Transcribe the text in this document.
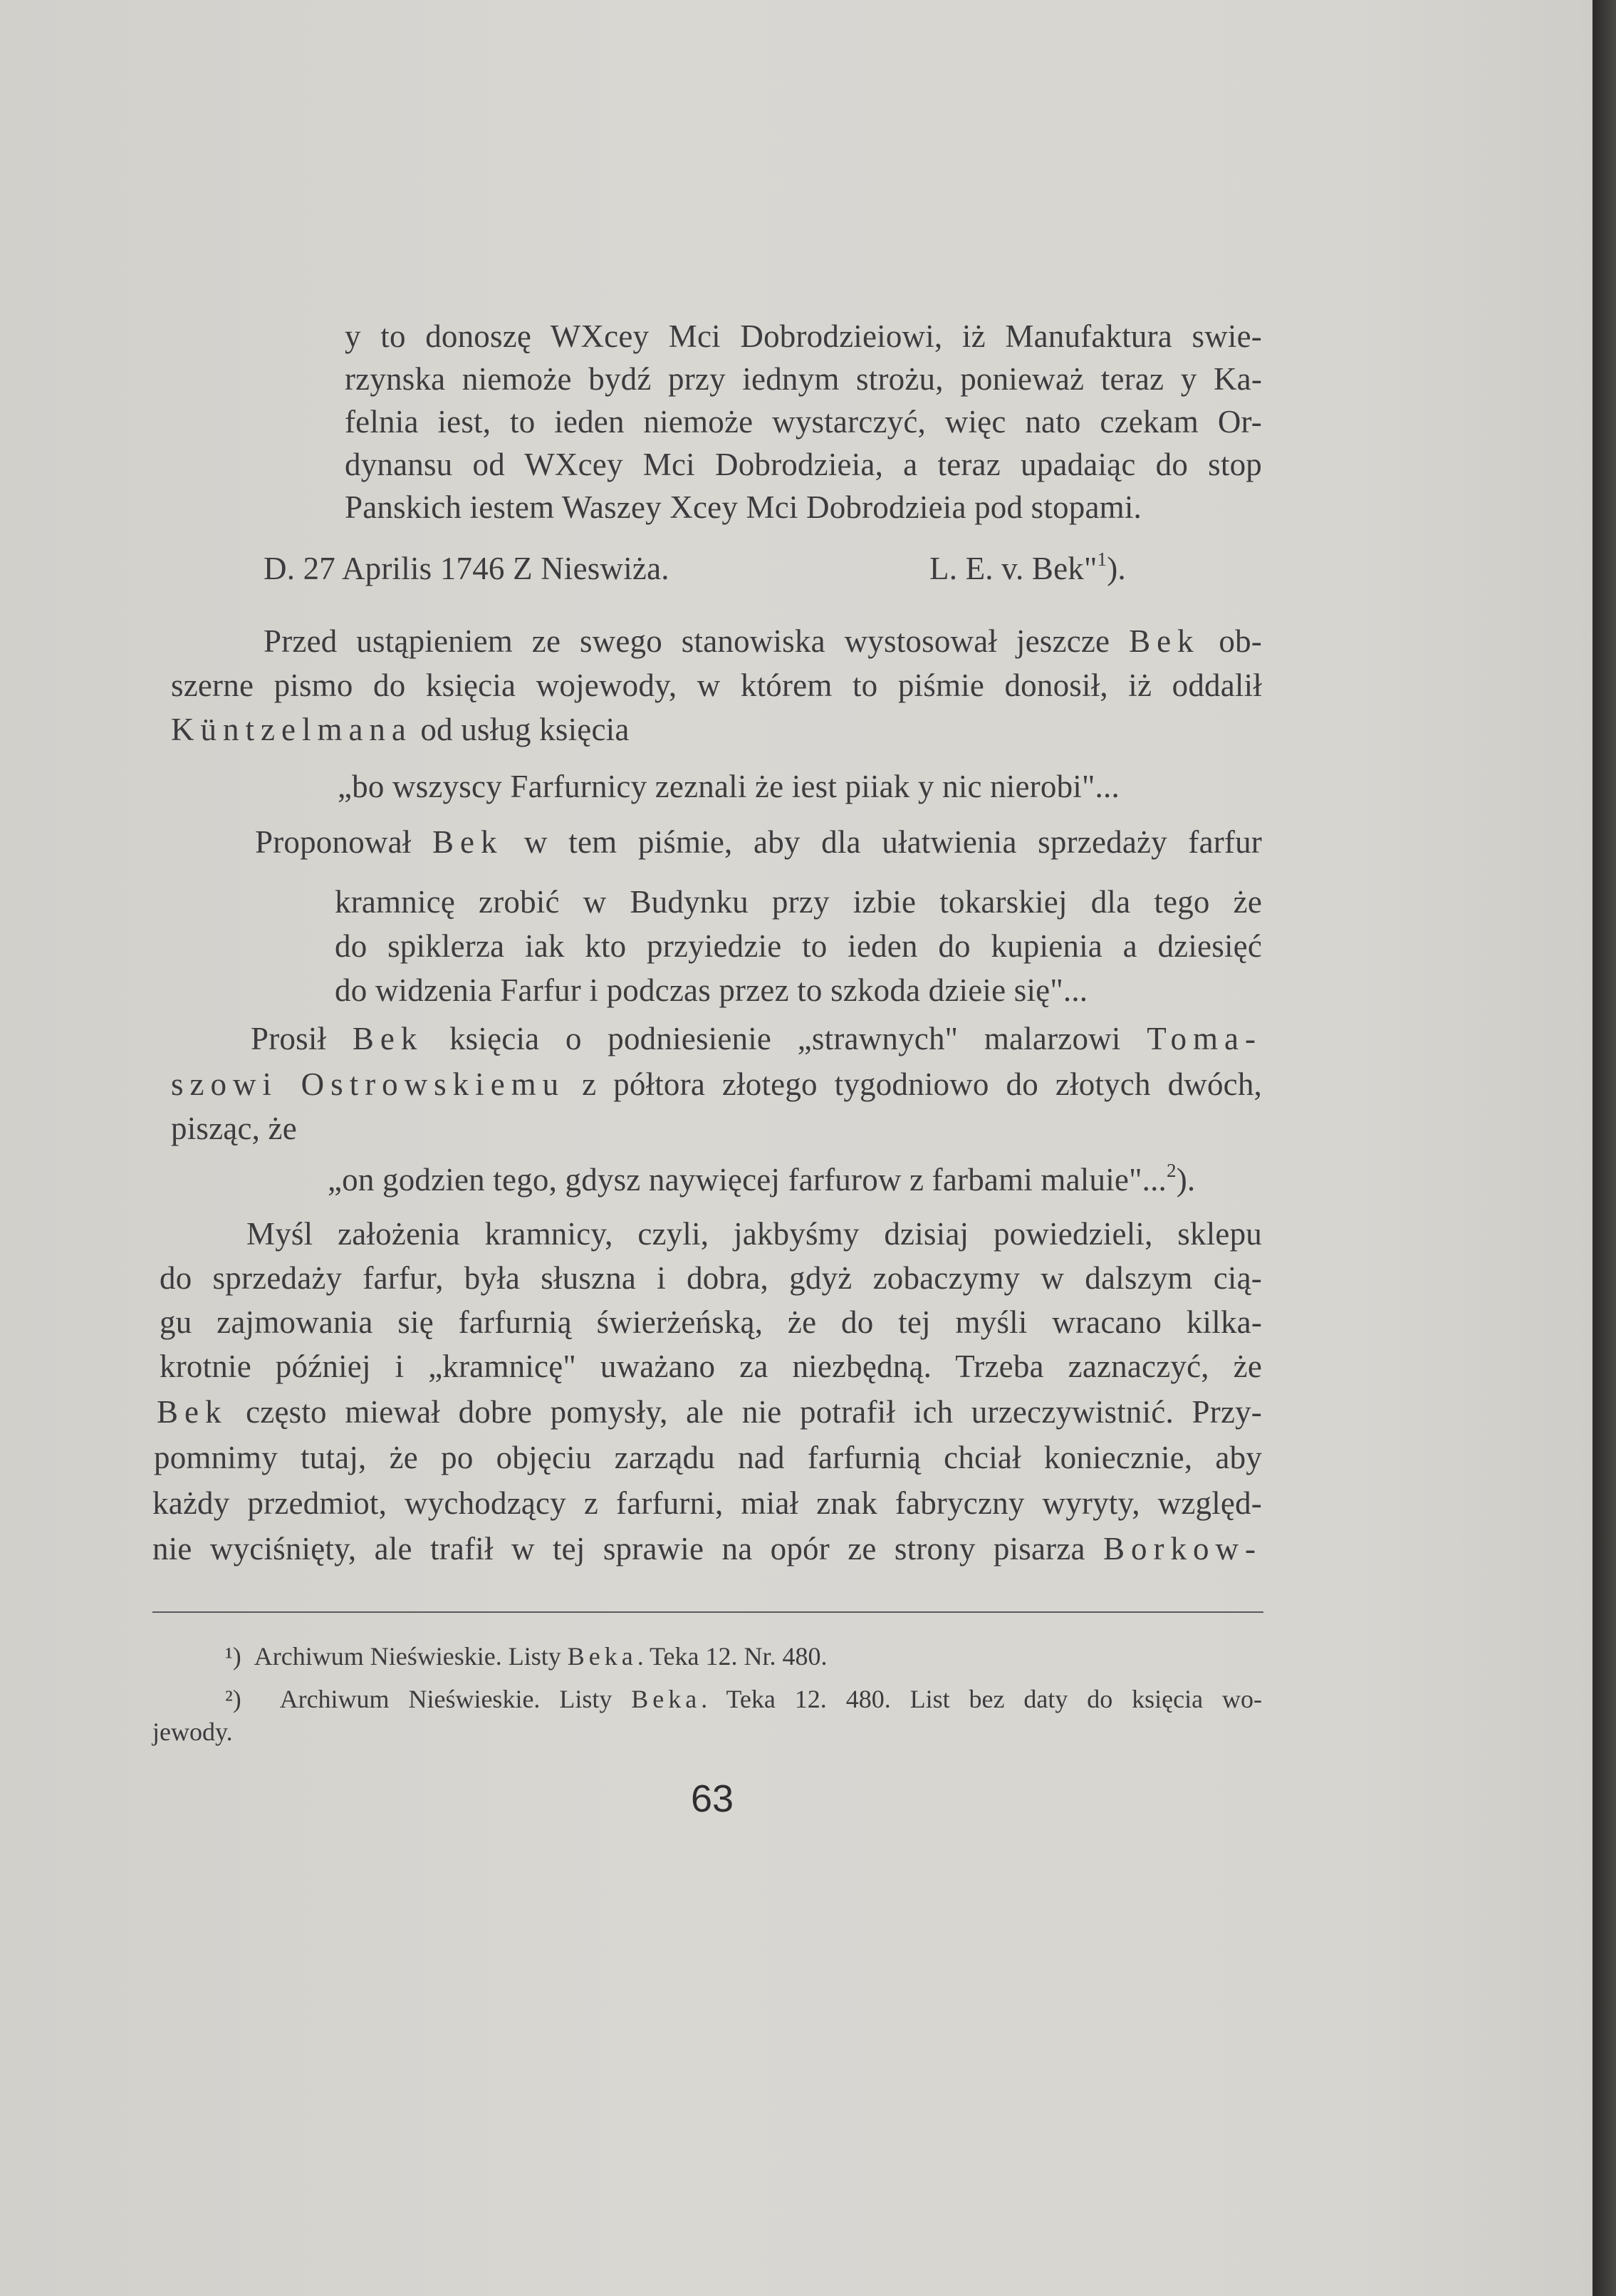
y to donoszę WXcey Mci Dobrodzieiowi, iż Manufaktura swie-
rzynska niemoże bydź przy iednym strożu, ponieważ teraz y Ka-
felnia iest, to ieden niemoże wystarczyć, więc nato czekam Or-
dynansu od WXcey Mci Dobrodzieia, a teraz upadaiąc do stop
Panskich iestem Waszey Xcey Mci Dobrodzieia pod stopami.
D. 27 Aprilis 1746 Z Nieswiża.	L. E. v. Bek"$^1$).
Przed ustąpieniem ze swego stanowiska wystosował jeszcze Bek ob-
szerne pismo do księcia wojewody, w którem to piśmie donosił, iż oddalił
Küntzelmana od usług księcia
„bo wszyscy Farfurnicy zeznali że iest piiak y nic nierobi"...
Proponował Bek w tem piśmie, aby dla ułatwienia sprzedaży farfur
kramnicę zrobić w Budynku przy izbie tokarskiej dla tego że
do spiklerza iak kto przyiedzie to ieden do kupienia a dziesięć
do widzenia Farfur i podczas przez to szkoda dzieie się"...
Prosił Bek księcia o podniesienie „strawnych" malarzowi Toma-
szowi Ostrowskiemu z półtora złotego tygodniowo do złotych dwóch,
pisząc, że
„on godzien tego, gdysz naywięcej farfurow z farbami maluie"...$^2$).
Myśl założenia kramnicy, czyli, jakbyśmy dzisiaj powiedzieli, sklepu
do sprzedaży farfur, była słuszna i dobra, gdyż zobaczymy w dalszym cią-
gu zajmowania się farfurnią świerżeńską, że do tej myśli wracano kilka-
krotnie później i „kramnicę" uważano za niezbędną. Trzeba zaznaczyć, że
Bek często miewał dobre pomysły, ale nie potrafił ich urzeczywistnić. Przy-
pomnimy tutaj, że po objęciu zarządu nad farfurnią chciał koniecznie, aby
każdy przedmiot, wychodzący z farfurni, miał znak fabryczny wyryty, względ-
nie wyciśnięty, ale trafił w tej sprawie na opór ze strony pisarza Borkow-
¹) Archiwum Nieświeskie. Listy Beka. Teka 12. Nr. 480.
²) Archiwum Nieświeskie. Listy Beka. Teka 12. 480. List bez daty do księcia wo-
jewody.
63
